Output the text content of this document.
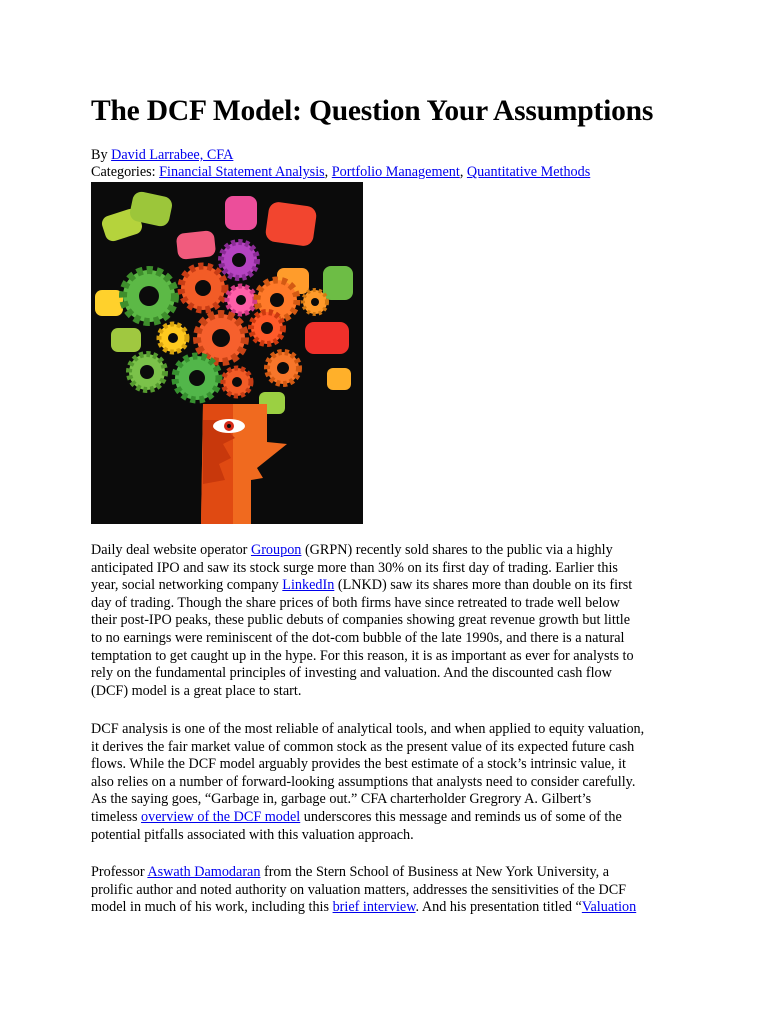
The DCF Model: Question Your Assumptions
By David Larrabee, CFA
Categories: Financial Statement Analysis, Portfolio Management, Quantitative Methods
Daily deal website operator Groupon (GRPN) recently sold shares to the public via a highly
anticipated IPO and saw its stock surge more than 30% on its first day of trading. Earlier this
year, social networking company LinkedIn (LNKD) saw its shares more than double on its first
day of trading. Though the share prices of both firms have since retreated to trade well below
their post-IPO peaks, these public debuts of companies showing great revenue growth but little
to no earnings were reminiscent of the dot-com bubble of the late 1990s, and there is a natural
temptation to get caught up in the hype. For this reason, it is as important as ever for analysts to
rely on the fundamental principles of investing and valuation. And the discounted cash flow
(DCF) model is a great place to start.
DCF analysis is one of the most reliable of analytical tools, and when applied to equity valuation,
it derives the fair market value of common stock as the present value of its expected future cash
flows. While the DCF model arguably provides the best estimate of a stock’s intrinsic value, it
also relies on a number of forward-looking assumptions that analysts need to consider carefully.
As the saying goes, “Garbage in, garbage out.” CFA charterholder Gregrory A. Gilbert’s
timeless overview of the DCF model underscores this message and reminds us of some of the
potential pitfalls associated with this valuation approach.
Professor Aswath Damodaran from the Stern School of Business at New York University, a
prolific author and noted authority on valuation matters, addresses the sensitivities of the DCF
model in much of his work, including this brief interview. And his presentation titled “Valuation
